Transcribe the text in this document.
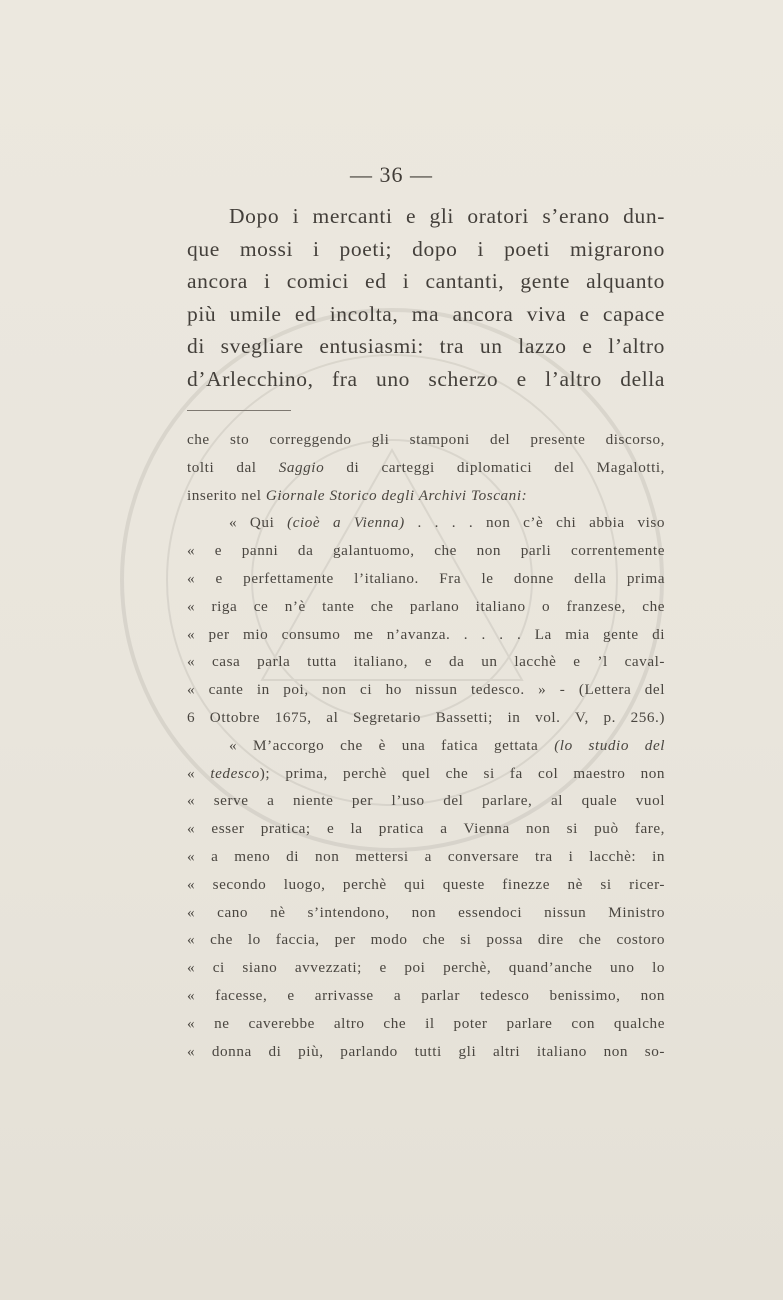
— 36 —
Dopo i mercanti e gli oratori s’erano dun-
que mossi i poeti; dopo i poeti migrarono
ancora i comici ed i cantanti, gente alquanto
più umile ed incolta, ma ancora viva e capace
di svegliare entusiasmi: tra un lazzo e l’altro
d’Arlecchino, fra uno scherzo e l’altro della
che sto correggendo gli stamponi del presente discorso,
tolti dal Saggio di carteggi diplomatici del Magalotti,
inserito nel Giornale Storico degli Archivi Toscani:
« Qui (cioè a Vienna) . . . . non c’è chi abbia viso
« e panni da galantuomo, che non parli correntemente
« e perfettamente l’italiano. Fra le donne della prima
« riga ce n’è tante che parlano italiano o franzese, che
« per mio consumo me n’avanza. . . . . La mia gente di
« casa parla tutta italiano, e da un lacchè e ’l caval-
« cante in poi, non ci ho nissun tedesco. » - (Lettera del
6 Ottobre 1675, al Segretario Bassetti; in vol. V, p. 256.)
« M’accorgo che è una fatica gettata (lo studio del
« tedesco); prima, perchè quel che si fa col maestro non
« serve a niente per l’uso del parlare, al quale vuol
« esser pratica; e la pratica a Vienna non si può fare,
« a meno di non mettersi a conversare tra i lacchè: in
« secondo luogo, perchè qui queste finezze nè si ricer-
« cano nè s’intendono, non essendoci nissun Ministro
« che lo faccia, per modo che si possa dire che costoro
« ci siano avvezzati; e poi perchè, quand’anche uno lo
« facesse, e arrivasse a parlar tedesco benissimo, non
« ne caverebbe altro che il poter parlare con qualche
« donna di più, parlando tutti gli altri italiano non so-
